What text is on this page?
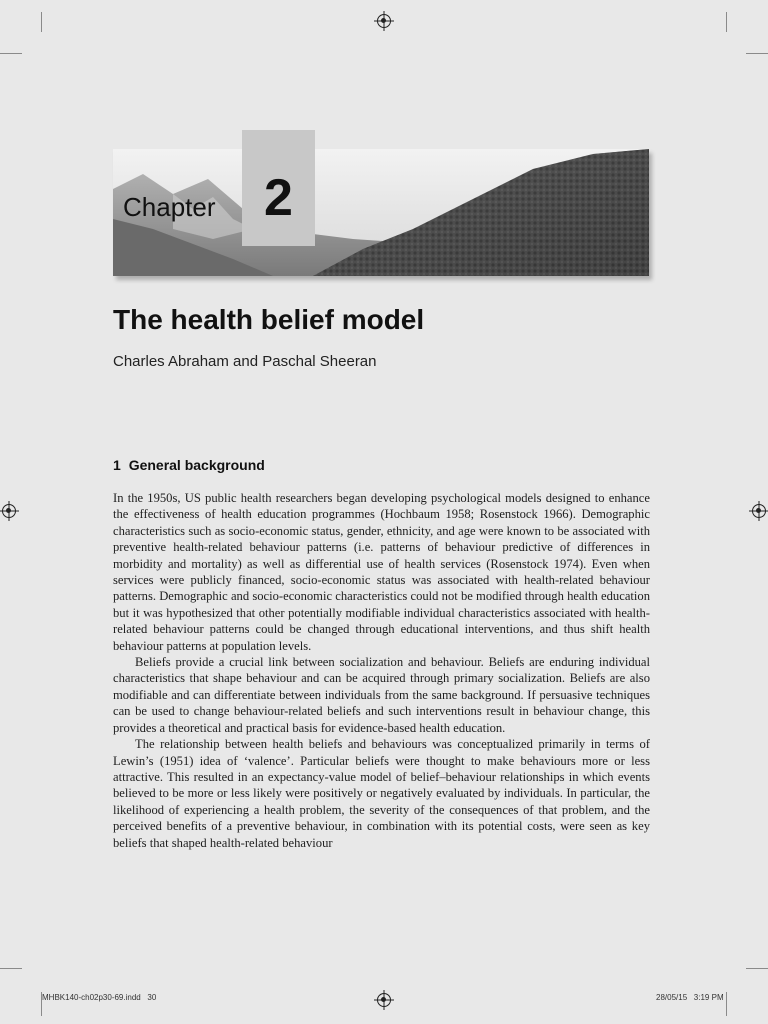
Chapter 2
The health belief model
Charles Abraham and Paschal Sheeran
1 General background

In the 1950s, US public health researchers began developing psychological models designed to enhance the effectiveness of health education programmes (Hochbaum 1958; Rosenstock 1966). Demographic characteristics such as socio-economic status, gender, ethnicity, and age were known to be associated with preventive health-related behaviour patterns (i.e. patterns of behaviour predictive of differences in morbidity and mortality) as well as differential use of health services (Rosenstock 1974). Even when services were publicly financed, socio-economic status was associated with health-related behaviour patterns. Demographic and socio-economic characteristics could not be modified through health education but it was hypothesized that other potentially modifiable individual characteristics associated with health-related behaviour patterns could be changed through educational interventions, and thus shift health behaviour patterns at population levels.

Beliefs provide a crucial link between socialization and behaviour. Beliefs are enduring individual characteristics that shape behaviour and can be acquired through primary socialization. Beliefs are also modifiable and can differentiate between individuals from the same background. If persuasive techniques can be used to change behaviour-related beliefs and such interventions result in behaviour change, this provides a theoretical and practical basis for evidence-based health education.

The relationship between health beliefs and behaviours was conceptualized primarily in terms of Lewin’s (1951) idea of ‘valence’. Particular beliefs were thought to make behaviours more or less attractive. This resulted in an expectancy-value model of belief–behaviour relationships in which events believed to be more or less likely were positively or negatively evaluated by individuals. In particular, the likelihood of experiencing a health problem, the severity of the consequences of that problem, and the perceived benefits of a preventive behaviour, in combination with its potential costs, were seen as key beliefs that shaped health-related behaviour

MHBK140-ch02p30-69.indd   30	28/05/15   3:19 PM
